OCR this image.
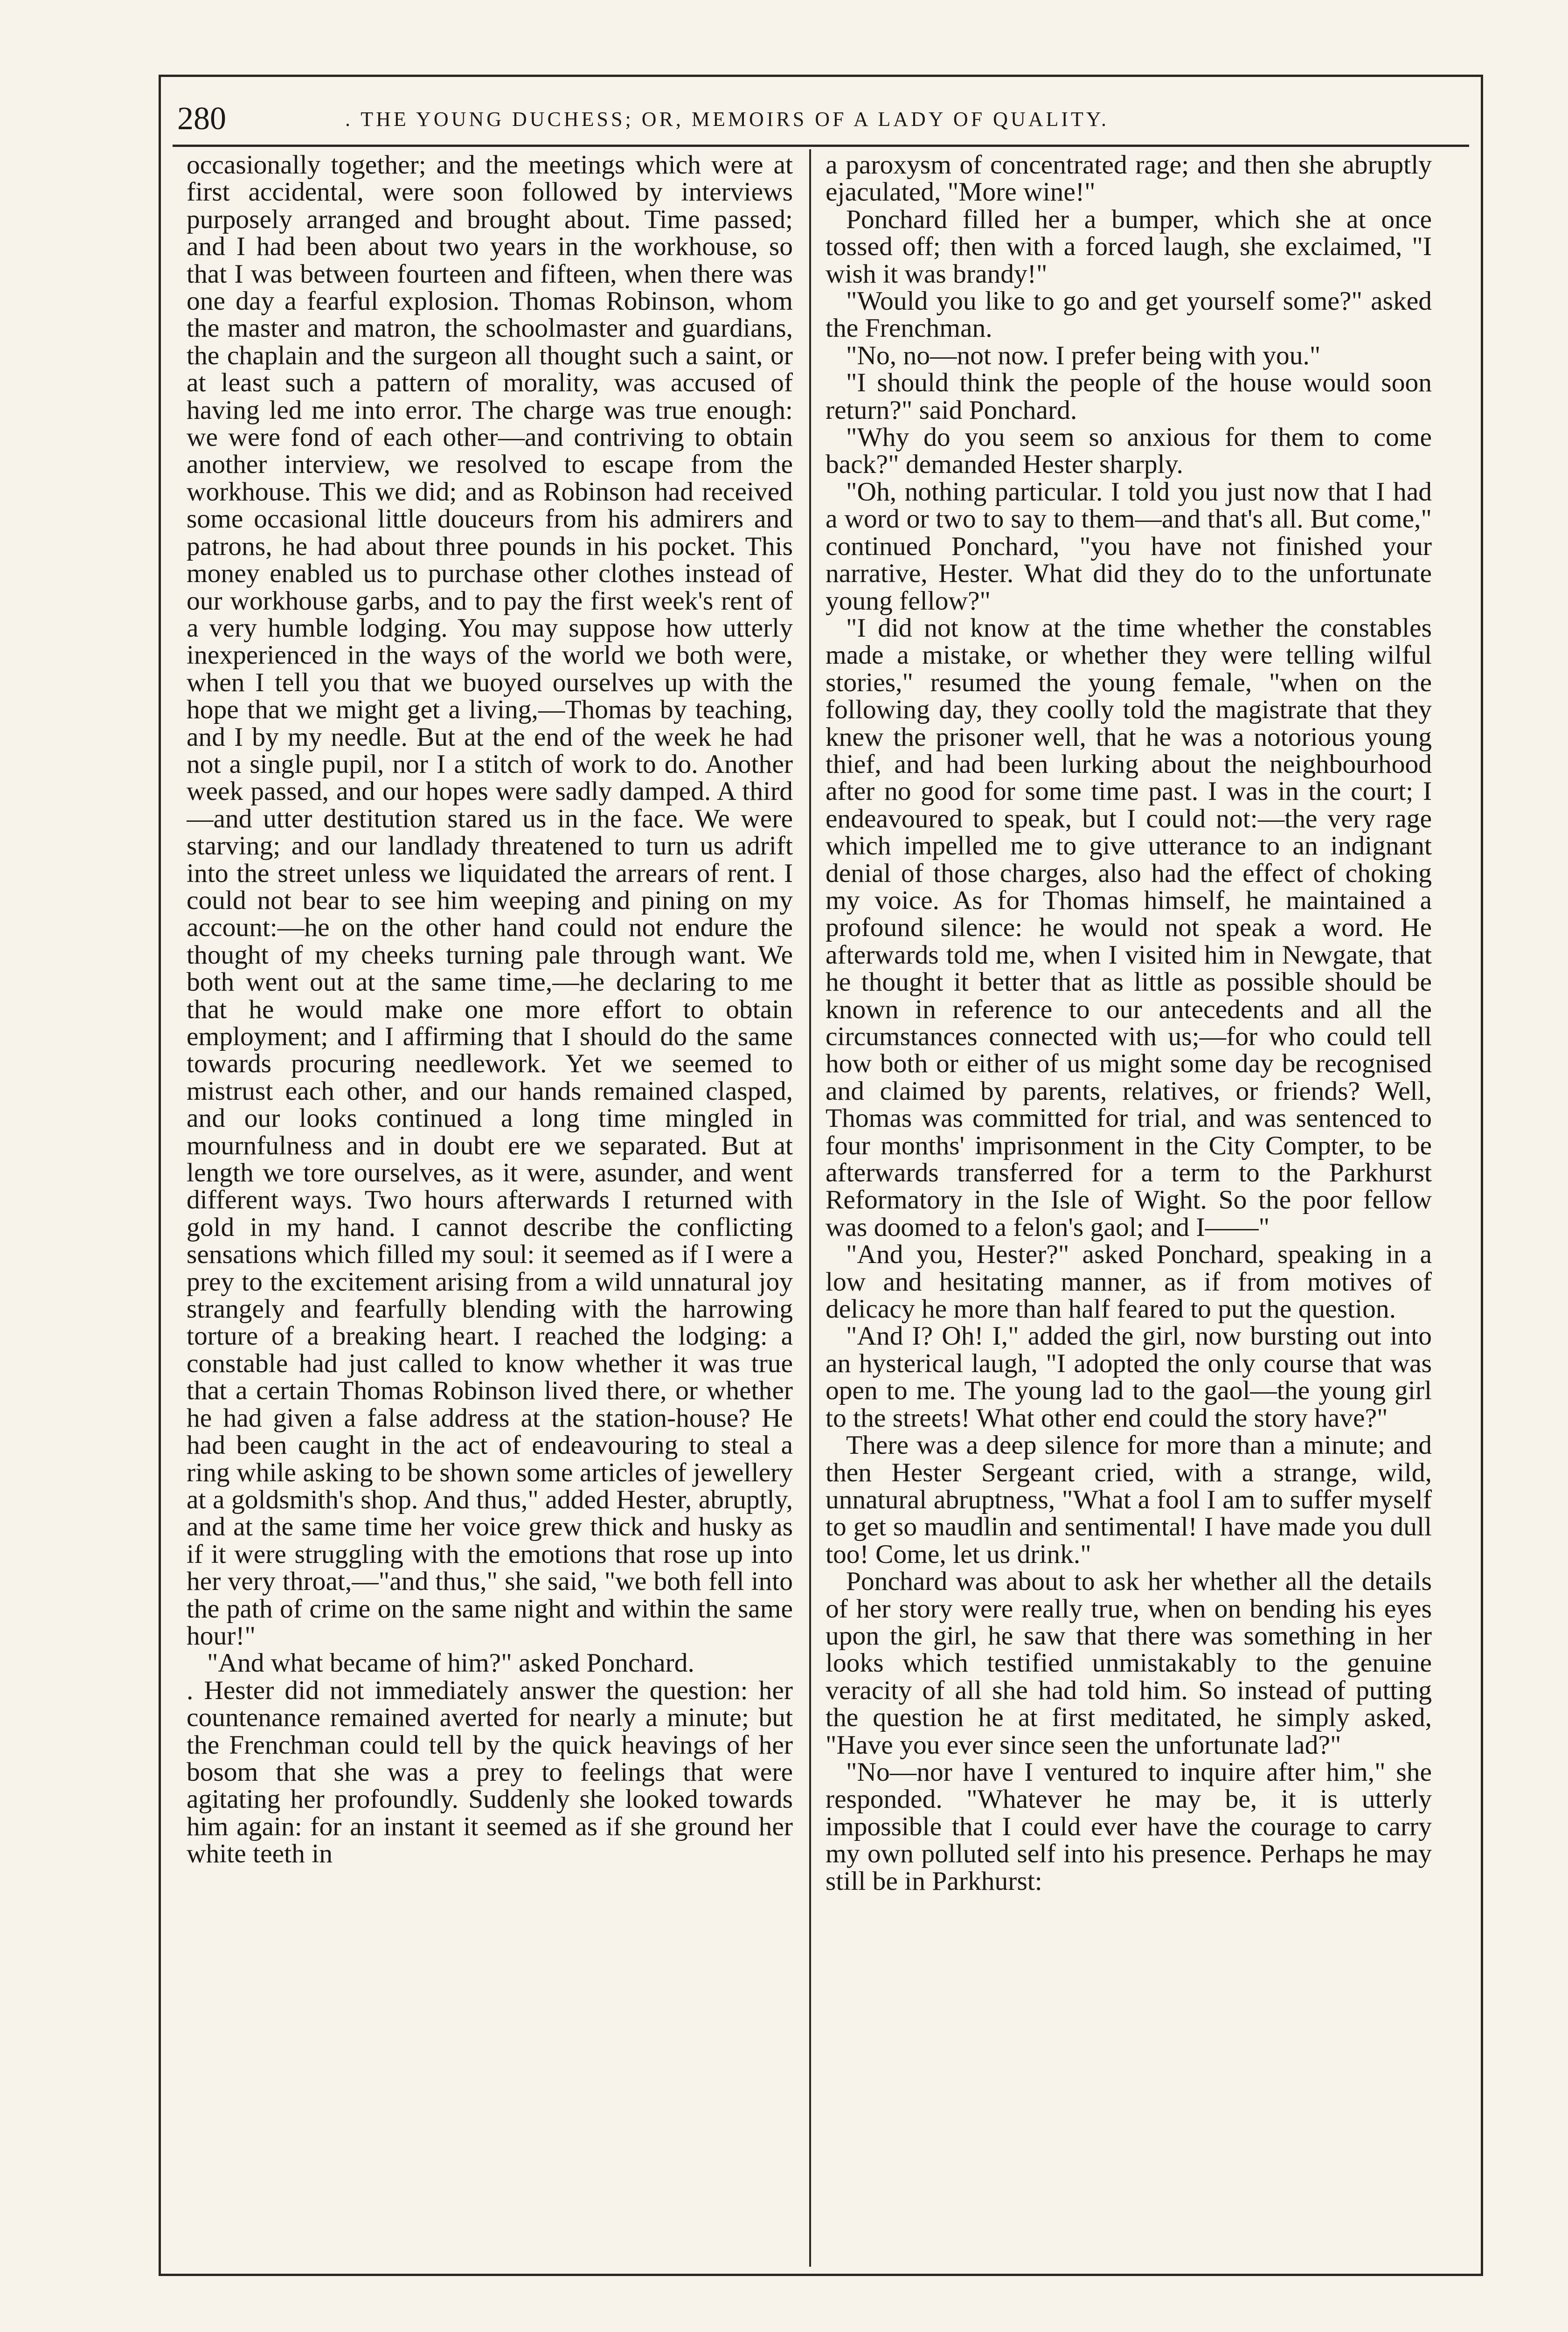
280	. THE YOUNG DUCHESS; OR, MEMOIRS OF A LADY OF QUALITY.

occasionally together; and the meetings which were at first accidental, were soon followed by interviews purposely arranged and brought about. Time passed; and I had been about two years in the workhouse, so that I was between fourteen and fifteen, when there was one day a fearful explosion. Thomas Robinson, whom the master and matron, the schoolmaster and guardians, the chaplain and the surgeon all thought such a saint, or at least such a pattern of morality, was accused of having led me into error. The charge was true enough: we were fond of each other—and contriving to obtain another interview, we resolved to escape from the workhouse. This we did; and as Robinson had received some occasional little douceurs from his admirers and patrons, he had about three pounds in his pocket. This money enabled us to purchase other clothes instead of our workhouse garbs, and to pay the first week's rent of a very humble lodging. You may suppose how utterly inexperienced in the ways of the world we both were, when I tell you that we buoyed ourselves up with the hope that we might get a living,—Thomas by teaching, and I by my needle. But at the end of the week he had not a single pupil, nor I a stitch of work to do. Another week passed, and our hopes were sadly damped. A third—and utter destitution stared us in the face. We were starving; and our landlady threatened to turn us adrift into the street unless we liquidated the arrears of rent. I could not bear to see him weeping and pining on my account:—he on the other hand could not endure the thought of my cheeks turning pale through want. We both went out at the same time,—he declaring to me that he would make one more effort to obtain employment; and I affirming that I should do the same towards procuring needlework. Yet we seemed to mistrust each other, and our hands remained clasped, and our looks continued a long time mingled in mournfulness and in doubt ere we separated. But at length we tore ourselves, as it were, asunder, and went different ways. Two hours afterwards I returned with gold in my hand. I cannot describe the conflicting sensations which filled my soul: it seemed as if I were a prey to the excitement arising from a wild unnatural joy strangely and fearfully blending with the harrowing torture of a breaking heart. I reached the lodging: a constable had just called to know whether it was true that a certain Thomas Robinson lived there, or whether he had given a false address at the station-house? He had been caught in the act of endeavouring to steal a ring while asking to be shown some articles of jewellery at a goldsmith's shop. And thus," added Hester, abruptly, and at the same time her voice grew thick and husky as if it were struggling with the emotions that rose up into her very throat,—"and thus," she said, "we both fell into the path of crime on the same night and within the same hour!"

"And what became of him?" asked Ponchard.

. Hester did not immediately answer the question: her countenance remained averted for nearly a minute; but the Frenchman could tell by the quick heavings of her bosom that she was a prey to feelings that were agitating her profoundly. Suddenly she looked towards him again: for an instant it seemed as if she ground her white teeth in

a paroxysm of concentrated rage; and then she abruptly ejaculated, "More wine!"

Ponchard filled her a bumper, which she at once tossed off; then with a forced laugh, she exclaimed, "I wish it was brandy!"

"Would you like to go and get yourself some?" asked the Frenchman.

"No, no—not now. I prefer being with you."

"I should think the people of the house would soon return?" said Ponchard.

"Why do you seem so anxious for them to come back?" demanded Hester sharply.

"Oh, nothing particular. I told you just now that I had a word or two to say to them—and that's all. But come," continued Ponchard, "you have not finished your narrative, Hester. What did they do to the unfortunate young fellow?"

"I did not know at the time whether the constables made a mistake, or whether they were telling wilful stories," resumed the young female, "when on the following day, they coolly told the magistrate that they knew the prisoner well, that he was a notorious young thief, and had been lurking about the neighbourhood after no good for some time past. I was in the court; I endeavoured to speak, but I could not:—the very rage which impelled me to give utterance to an indignant denial of those charges, also had the effect of choking my voice. As for Thomas himself, he maintained a profound silence: he would not speak a word. He afterwards told me, when I visited him in Newgate, that he thought it better that as little as possible should be known in reference to our antecedents and all the circumstances connected with us;—for who could tell how both or either of us might some day be recognised and claimed by parents, relatives, or friends? Well, Thomas was committed for trial, and was sentenced to four months' imprisonment in the City Compter, to be afterwards transferred for a term to the Parkhurst Reformatory in the Isle of Wight. So the poor fellow was doomed to a felon's gaol; and I——"

"And you, Hester?" asked Ponchard, speaking in a low and hesitating manner, as if from motives of delicacy he more than half feared to put the question.

"And I? Oh! I," added the girl, now bursting out into an hysterical laugh, "I adopted the only course that was open to me. The young lad to the gaol—the young girl to the streets! What other end could the story have?"

There was a deep silence for more than a minute; and then Hester Sergeant cried, with a strange, wild, unnatural abruptness, "What a fool I am to suffer myself to get so maudlin and sentimental! I have made you dull too! Come, let us drink."

Ponchard was about to ask her whether all the details of her story were really true, when on bending his eyes upon the girl, he saw that there was something in her looks which testified unmistakably to the genuine veracity of all she had told him. So instead of putting the question he at first meditated, he simply asked, "Have you ever since seen the unfortunate lad?"

"No—nor have I ventured to inquire after him," she responded. "Whatever he may be, it is utterly impossible that I could ever have the courage to carry my own polluted self into his presence. Perhaps he may still be in Parkhurst:
